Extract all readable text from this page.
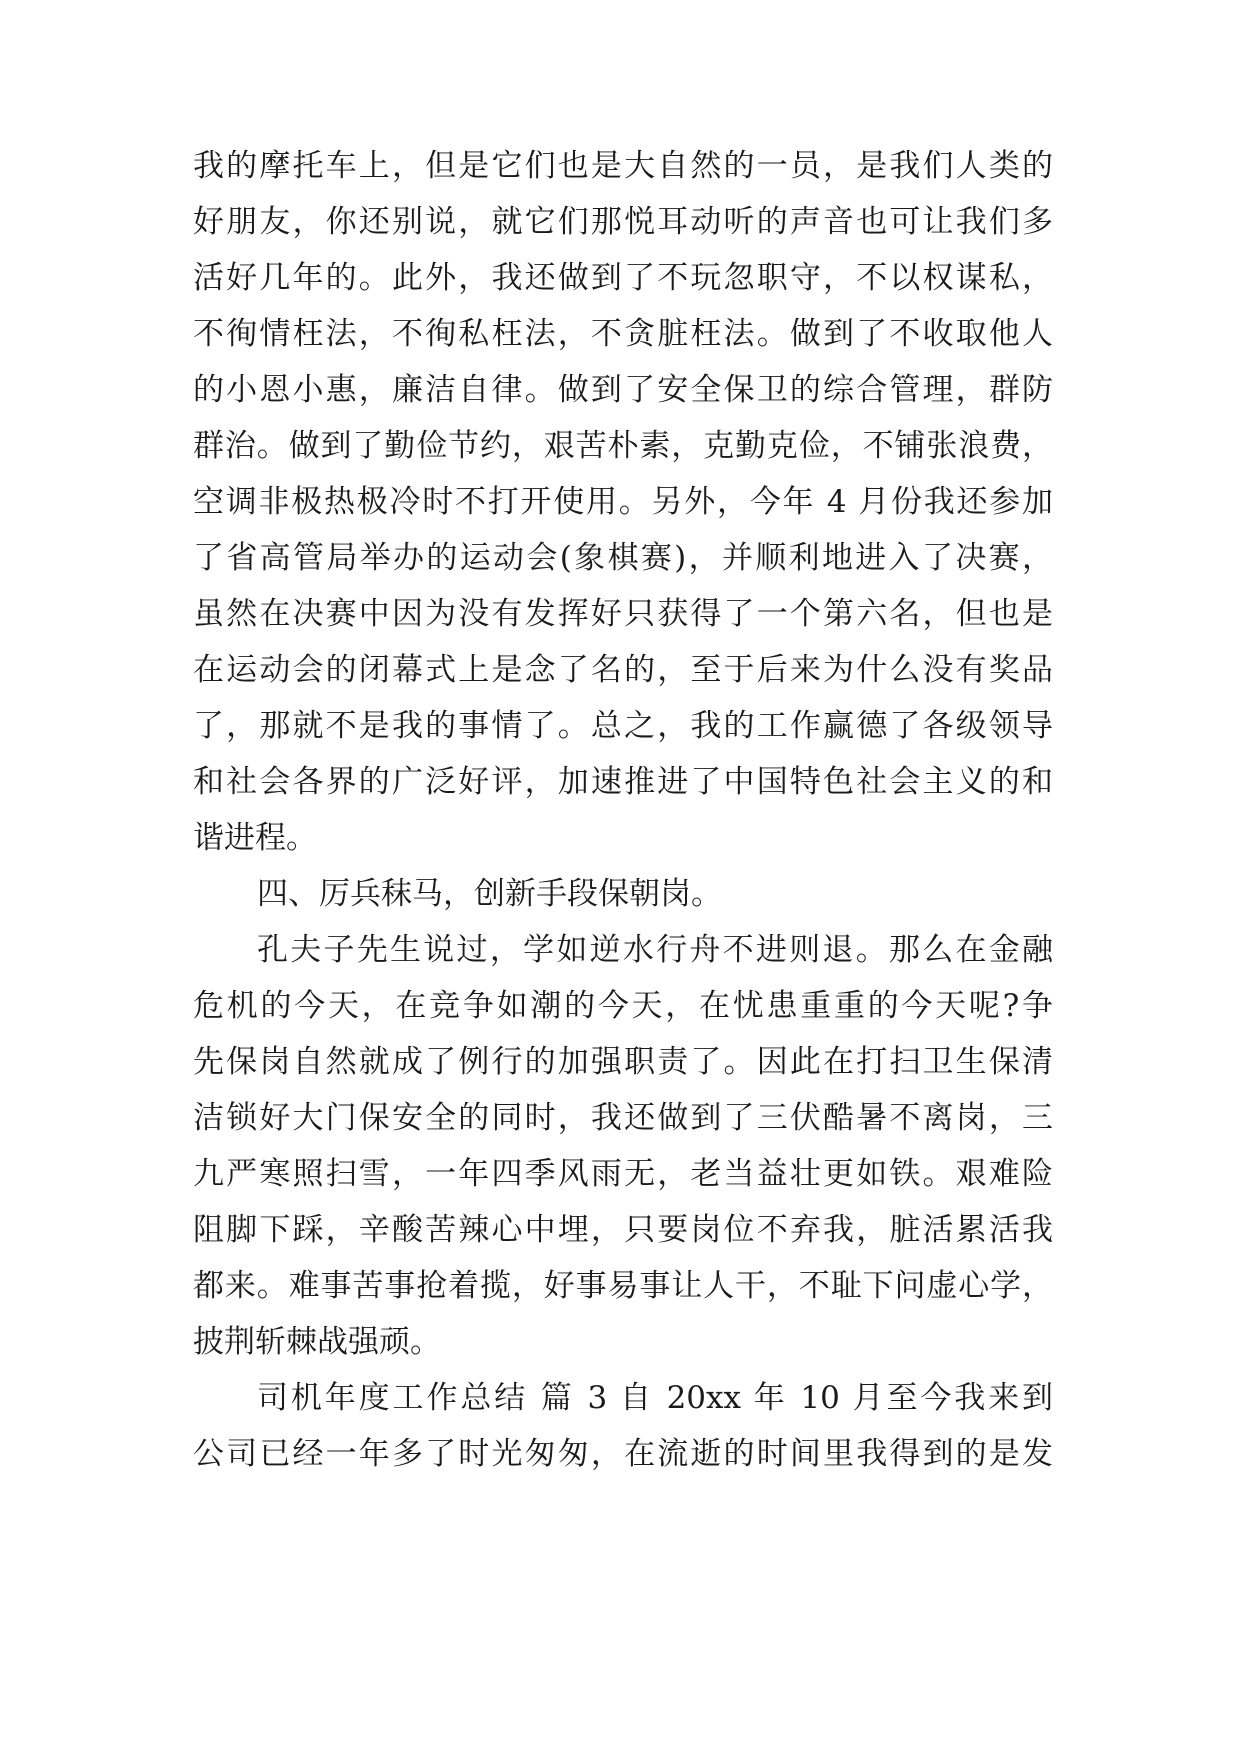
我的摩托车上，但是它们也是大自然的一员，是我们人类的
好朋友，你还别说，就它们那悦耳动听的声音也可让我们多
活好几年的。此外，我还做到了不玩忽职守，不以权谋私，
不徇情枉法，不徇私枉法，不贪脏枉法。做到了不收取他人
的小恩小惠，廉洁自律。做到了安全保卫的综合管理，群防
群治。做到了勤俭节约，艰苦朴素，克勤克俭，不铺张浪费，
空调非极热极冷时不打开使用。另外，今年 4 月份我还参加
了省高管局举办的运动会(象棋赛)，并顺利地进入了决赛，
虽然在决赛中因为没有发挥好只获得了一个第六名，但也是
在运动会的闭幕式上是念了名的，至于后来为什么没有奖品
了，那就不是我的事情了。总之，我的工作赢德了各级领导
和社会各界的广泛好评，加速推进了中国特色社会主义的和
谐进程。
四、厉兵秣马，创新手段保朝岗。
孔夫子先生说过，学如逆水行舟不进则退。那么在金融
危机的今天，在竞争如潮的今天，在忧患重重的今天呢?争
先保岗自然就成了例行的加强职责了。因此在打扫卫生保清
洁锁好大门保安全的同时，我还做到了三伏酷暑不离岗，三
九严寒照扫雪，一年四季风雨无，老当益壮更如铁。艰难险
阻脚下踩，辛酸苦辣心中埋，只要岗位不弃我，脏活累活我
都来。难事苦事抢着揽，好事易事让人干，不耻下问虚心学，
披荆斩棘战强顽。
司机年度工作总结 篇 3 自 20xx 年 10 月至今我来到
公司已经一年多了时光匆匆，在流逝的时间里我得到的是发
